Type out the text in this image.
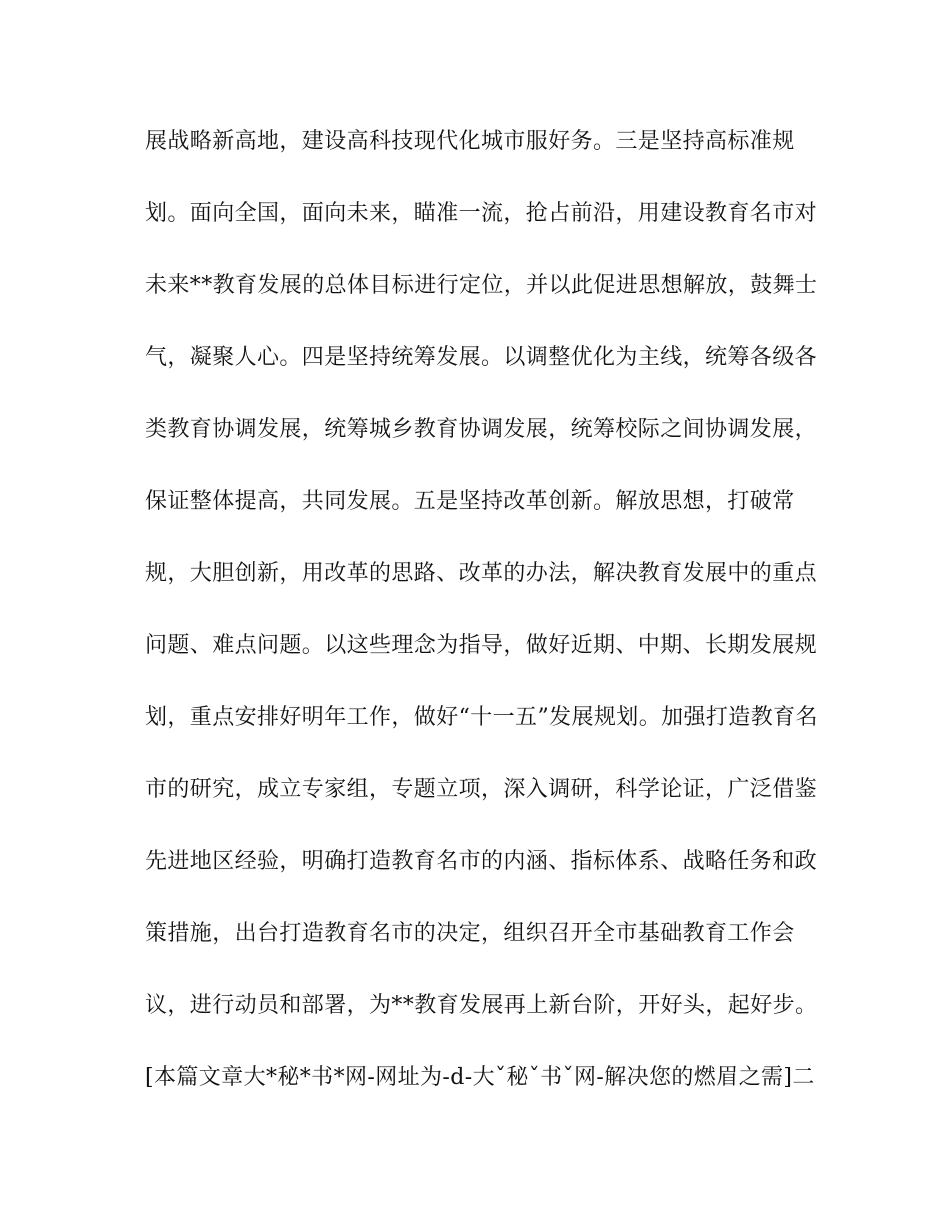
展战略新高地，建设高科技现代化城市服好务。三是坚持高标准规
划。面向全国，面向未来，瞄准一流，抢占前沿，用建设教育名市对
未来**教育发展的总体目标进行定位，并以此促进思想解放，鼓舞士
气，凝聚人心。四是坚持统筹发展。以调整优化为主线，统筹各级各
类教育协调发展，统筹城乡教育协调发展，统筹校际之间协调发展，
保证整体提高，共同发展。五是坚持改革创新。解放思想，打破常
规，大胆创新，用改革的思路、改革的办法，解决教育发展中的重点
问题、难点问题。以这些理念为指导，做好近期、中期、长期发展规
划，重点安排好明年工作，做好“十一五”发展规划。加强打造教育名
市的研究，成立专家组，专题立项，深入调研，科学论证，广泛借鉴
先进地区经验，明确打造教育名市的内涵、指标体系、战略任务和政
策措施，出台打造教育名市的决定，组织召开全市基础教育工作会
议，进行动员和部署，为**教育发展再上新台阶，开好头，起好步。
[本篇文章大*秘*书*网-网址为-d-大ˇ秘ˇ书ˇ网-解决您的燃眉之需]二
